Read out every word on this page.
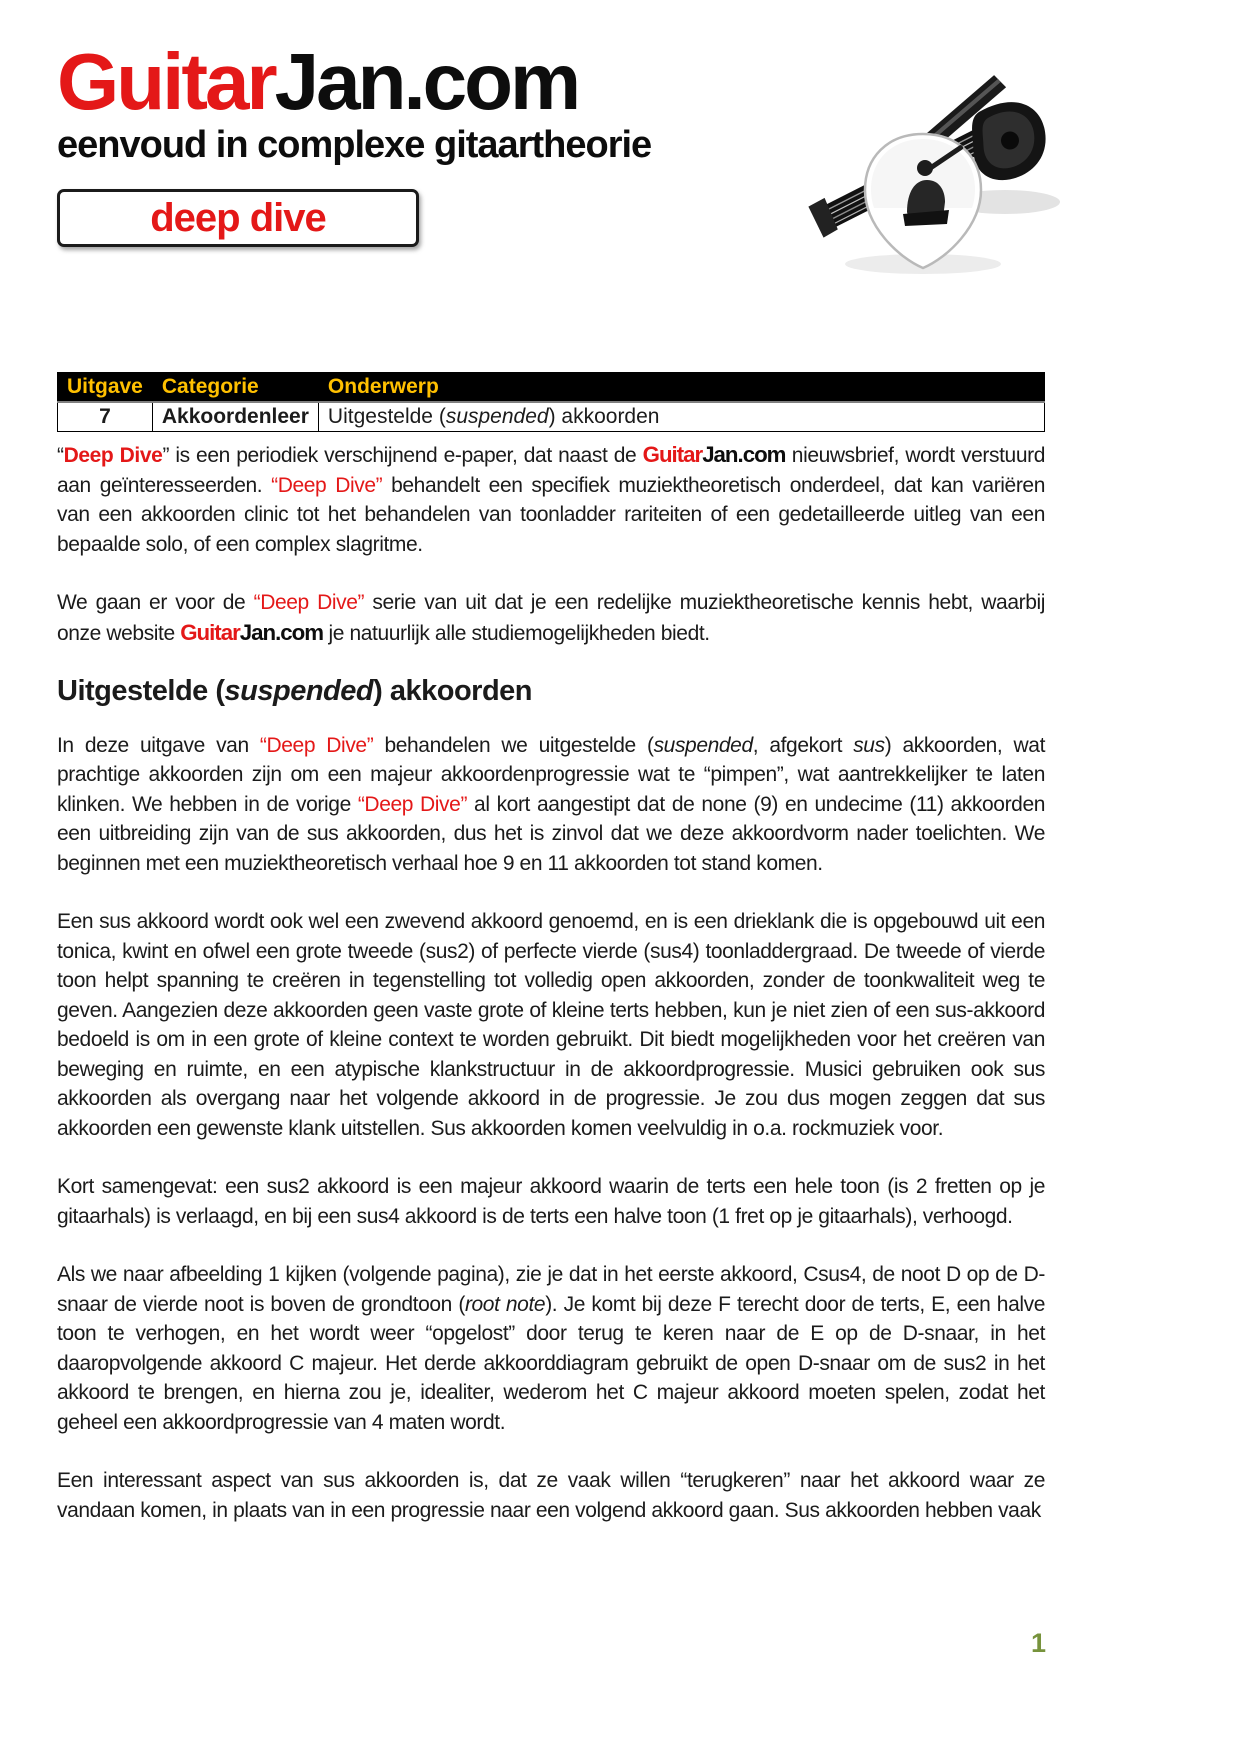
GuitarJan.com
eenvoud in complexe gitaartheorie
deep dive
Uitgave	Categorie	Onderwerp
7	Akkoordenleer	Uitgestelde (suspended) akkoorden

“Deep Dive” is een periodiek verschijnend e-paper, dat naast de GuitarJan.com nieuwsbrief, wordt verstuurd aan geïnteresseerden. “Deep Dive” behandelt een specifiek muziektheoretisch onderdeel, dat kan variëren van een akkoorden clinic tot het behandelen van toonladder rariteiten of een gedetailleerde uitleg van een bepaalde solo, of een complex slagritme.

We gaan er voor de “Deep Dive” serie van uit dat je een redelijke muziektheoretische kennis hebt, waarbij onze website GuitarJan.com je natuurlijk alle studiemogelijkheden biedt.

Uitgestelde (suspended) akkoorden

In deze uitgave van “Deep Dive” behandelen we uitgestelde (suspended, afgekort sus) akkoorden, wat prachtige akkoorden zijn om een majeur akkoordenprogressie wat te “pimpen”, wat aantrekkelijker te laten klinken. We hebben in de vorige “Deep Dive” al kort aangestipt dat de none (9) en undecime (11) akkoorden een uitbreiding zijn van de sus akkoorden, dus het is zinvol dat we deze akkoordvorm nader toelichten. We beginnen met een muziektheoretisch verhaal hoe 9 en 11 akkoorden tot stand komen.

Een sus akkoord wordt ook wel een zwevend akkoord genoemd, en is een drieklank die is opgebouwd uit een tonica, kwint en ofwel een grote tweede (sus2) of perfecte vierde (sus4) toonladdergraad. De tweede of vierde toon helpt spanning te creëren in tegenstelling tot volledig open akkoorden, zonder de toonkwaliteit weg te geven. Aangezien deze akkoorden geen vaste grote of kleine terts hebben, kun je niet zien of een sus-akkoord bedoeld is om in een grote of kleine context te worden gebruikt. Dit biedt mogelijkheden voor het creëren van beweging en ruimte, en een atypische klankstructuur in de akkoordprogressie. Musici gebruiken ook sus akkoorden als overgang naar het volgende akkoord in de progressie. Je zou dus mogen zeggen dat sus akkoorden een gewenste klank uitstellen. Sus akkoorden komen veelvuldig in o.a. rockmuziek voor.

Kort samengevat: een sus2 akkoord is een majeur akkoord waarin de terts een hele toon (is 2 fretten op je gitaarhals) is verlaagd, en bij een sus4 akkoord is de terts een halve toon (1 fret op je gitaarhals), verhoogd.

Als we naar afbeelding 1 kijken (volgende pagina), zie je dat in het eerste akkoord, Csus4, de noot D op de D-snaar de vierde noot is boven de grondtoon (root note). Je komt bij deze F terecht door de terts, E, een halve toon te verhogen, en het wordt weer “opgelost” door terug te keren naar de E op de D-snaar, in het daaropvolgende akkoord C majeur. Het derde akkoorddiagram gebruikt de open D-snaar om de sus2 in het akkoord te brengen, en hierna zou je, idealiter, wederom het C majeur akkoord moeten spelen, zodat het geheel een akkoordprogressie van 4 maten wordt.

Een interessant aspect van sus akkoorden is, dat ze vaak willen “terugkeren” naar het akkoord waar ze vandaan komen, in plaats van in een progressie naar een volgend akkoord gaan. Sus akkoorden hebben vaak

1
